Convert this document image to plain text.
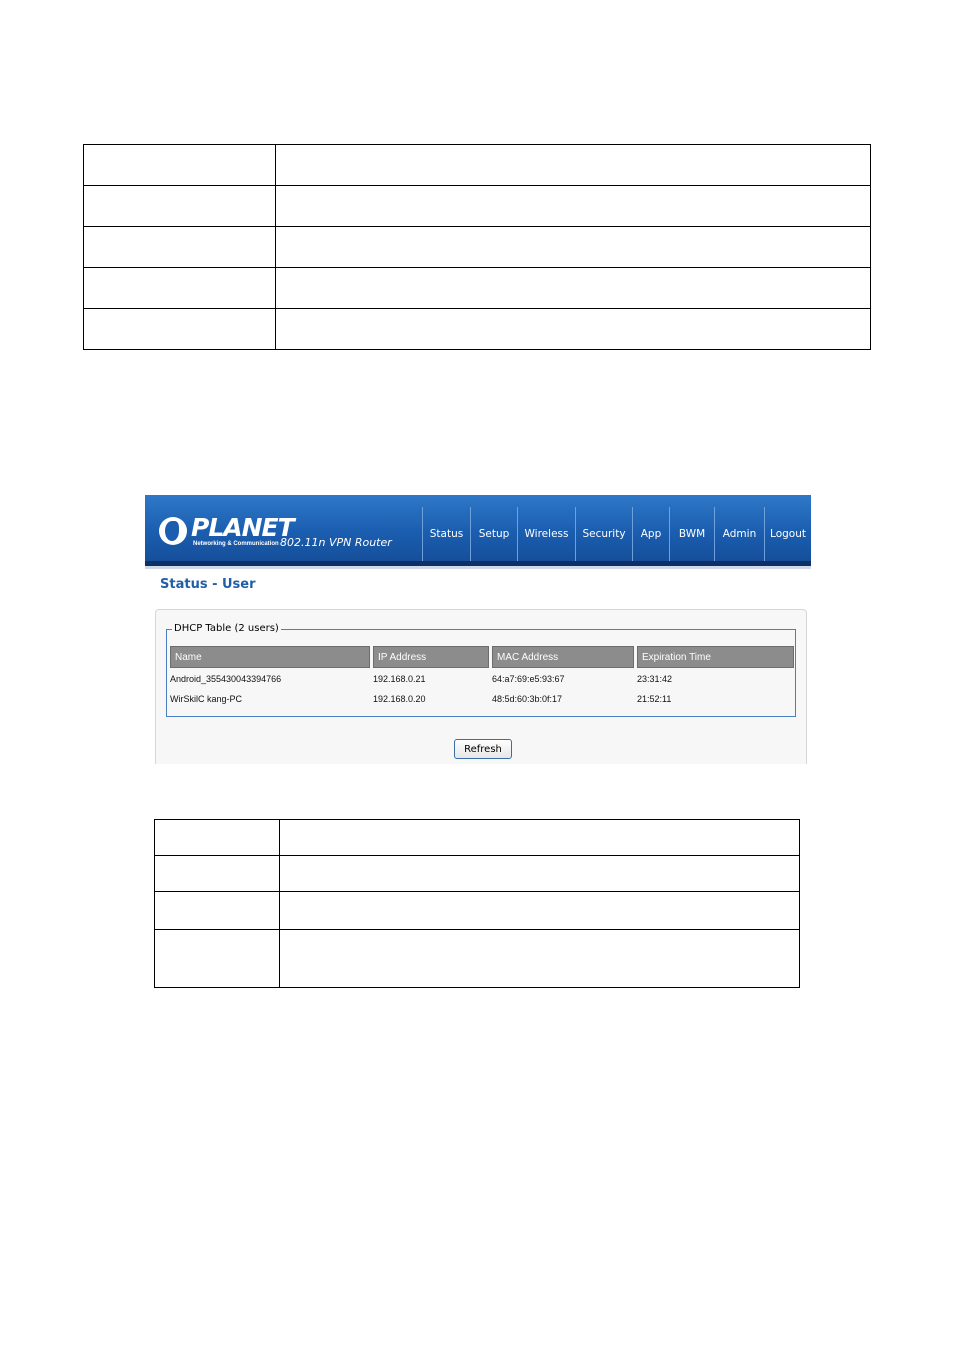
PLANET
Networking & Communication 802.11n VPN Router
Status	Setup	Wireless	Security	App	BWM	Admin	Logout
Status - User
DHCP Table (2 users)
Name	IP Address	MAC Address	Expiration Time
Android_355430043394766	192.168.0.21	64:a7:69:e5:93:67	23:31:42
WirSkilC kang-PC	192.168.0.20	48:5d:60:3b:0f:17	21:52:11
Refresh
